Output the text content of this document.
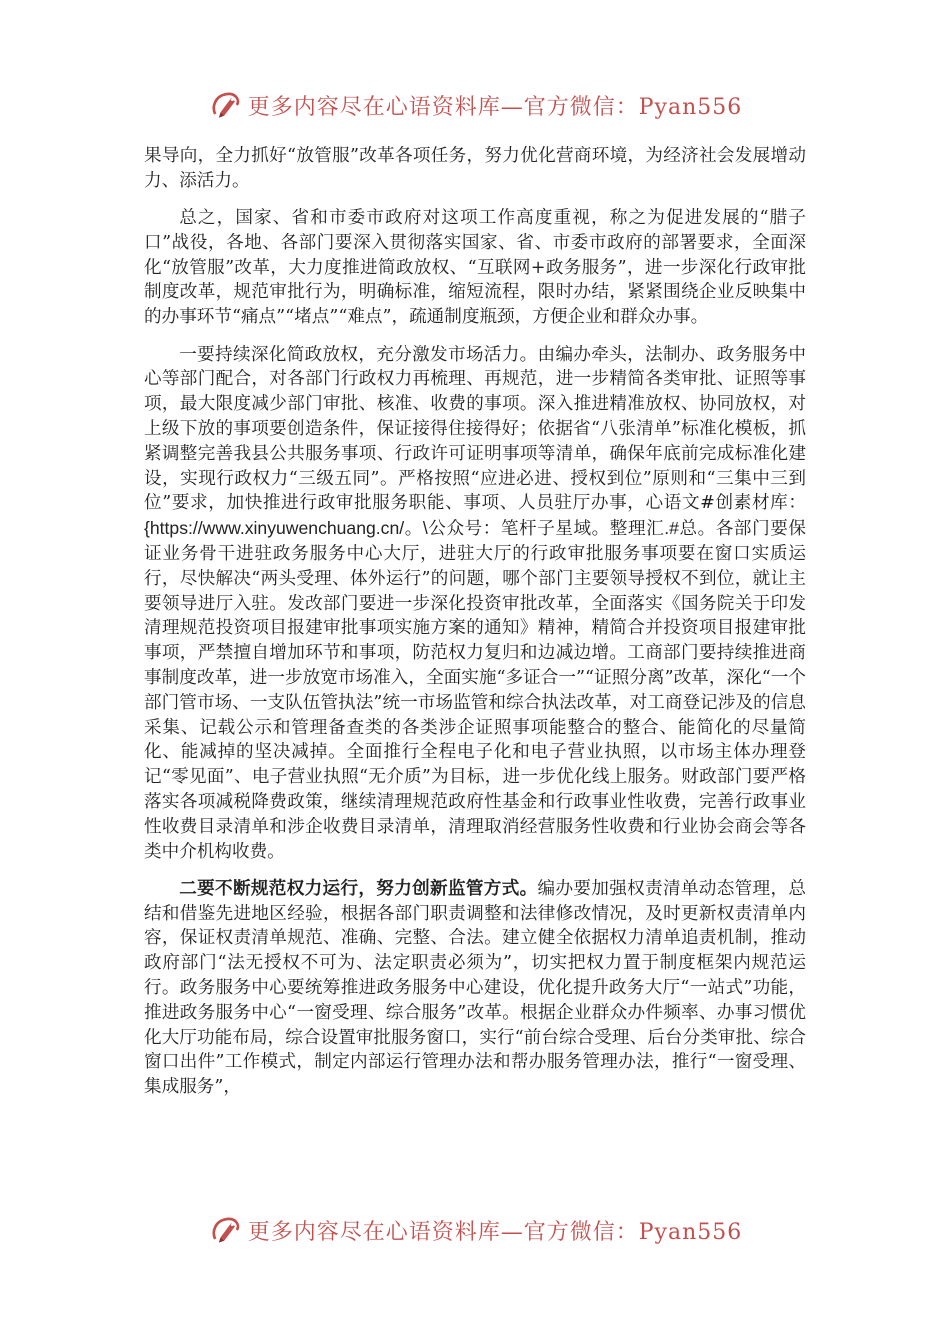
更多内容尽在心语资料库—官方微信：Pyan556

果导向，全力抓好“放管服”改革各项任务，努力优化营商环境，为经济社会发展增动力、添活力。

总之，国家、省和市委市政府对这项工作高度重视，称之为促进发展的“腊子口”战役，各地、各部门要深入贯彻落实国家、省、市委市政府的部署要求，全面深化“放管服”改革，大力度推进简政放权、“互联网+政务服务”，进一步深化行政审批制度改革，规范审批行为，明确标准，缩短流程，限时办结，紧紧围绕企业反映集中的办事环节“痛点”“堵点”“难点”，疏通制度瓶颈，方便企业和群众办事。

一要持续深化简政放权，充分激发市场活力。由编办牵头，法制办、政务服务中心等部门配合，对各部门行政权力再梳理、再规范，进一步精简各类审批、证照等事项，最大限度减少部门审批、核准、收费的事项。深入推进精准放权、协同放权，对上级下放的事项要创造条件，保证接得住接得好；依据省“八张清单”标准化模板，抓紧调整完善我县公共服务事项、行政许可证明事项等清单，确保年底前完成标准化建设，实现行政权力“三级五同”。严格按照“应进必进、授权到位”原则和“三集中三到位”要求，加快推进行政审批服务职能、事项、人员驻厅办事，心语文#创素材库：{https://www.xinyuwenchuang.cn/。\公众号：笔杆子星域。整理汇.#总。各部门要保证业务骨干进驻政务服务中心大厅，进驻大厅的行政审批服务事项要在窗口实质运行，尽快解决“两头受理、体外运行”的问题，哪个部门主要领导授权不到位，就让主要领导进厅入驻。发改部门要进一步深化投资审批改革，全面落实《国务院关于印发清理规范投资项目报建审批事项实施方案的通知》精神，精简合并投资项目报建审批事项，严禁擅自增加环节和事项，防范权力复归和边减边增。工商部门要持续推进商事制度改革，进一步放宽市场准入，全面实施“多证合一”“证照分离”改革，深化“一个部门管市场、一支队伍管执法”统一市场监管和综合执法改革，对工商登记涉及的信息采集、记载公示和管理备查类的各类涉企证照事项能整合的整合、能简化的尽量简化、能减掉的坚决减掉。全面推行全程电子化和电子营业执照，以市场主体办理登记“零见面”、电子营业执照“无介质”为目标，进一步优化线上服务。财政部门要严格落实各项减税降费政策，继续清理规范政府性基金和行政事业性收费，完善行政事业性收费目录清单和涉企收费目录清单，清理取消经营服务性收费和行业协会商会等各类中介机构收费。

二要不断规范权力运行，努力创新监管方式。编办要加强权责清单动态管理，总结和借鉴先进地区经验，根据各部门职责调整和法律修改情况，及时更新权责清单内容，保证权责清单规范、准确、完整、合法。建立健全依据权力清单追责机制，推动政府部门“法无授权不可为、法定职责必须为”，切实把权力置于制度框架内规范运行。政务服务中心要统筹推进政务服务中心建设，优化提升政务大厅“一站式”功能，推进政务服务中心“一窗受理、综合服务”改革。根据企业群众办件频率、办事习惯优化大厅功能布局，综合设置审批服务窗口，实行“前台综合受理、后台分类审批、综合窗口出件”工作模式，制定内部运行管理办法和帮办服务管理办法，推行“一窗受理、集成服务”，

更多内容尽在心语资料库—官方微信：Pyan556
